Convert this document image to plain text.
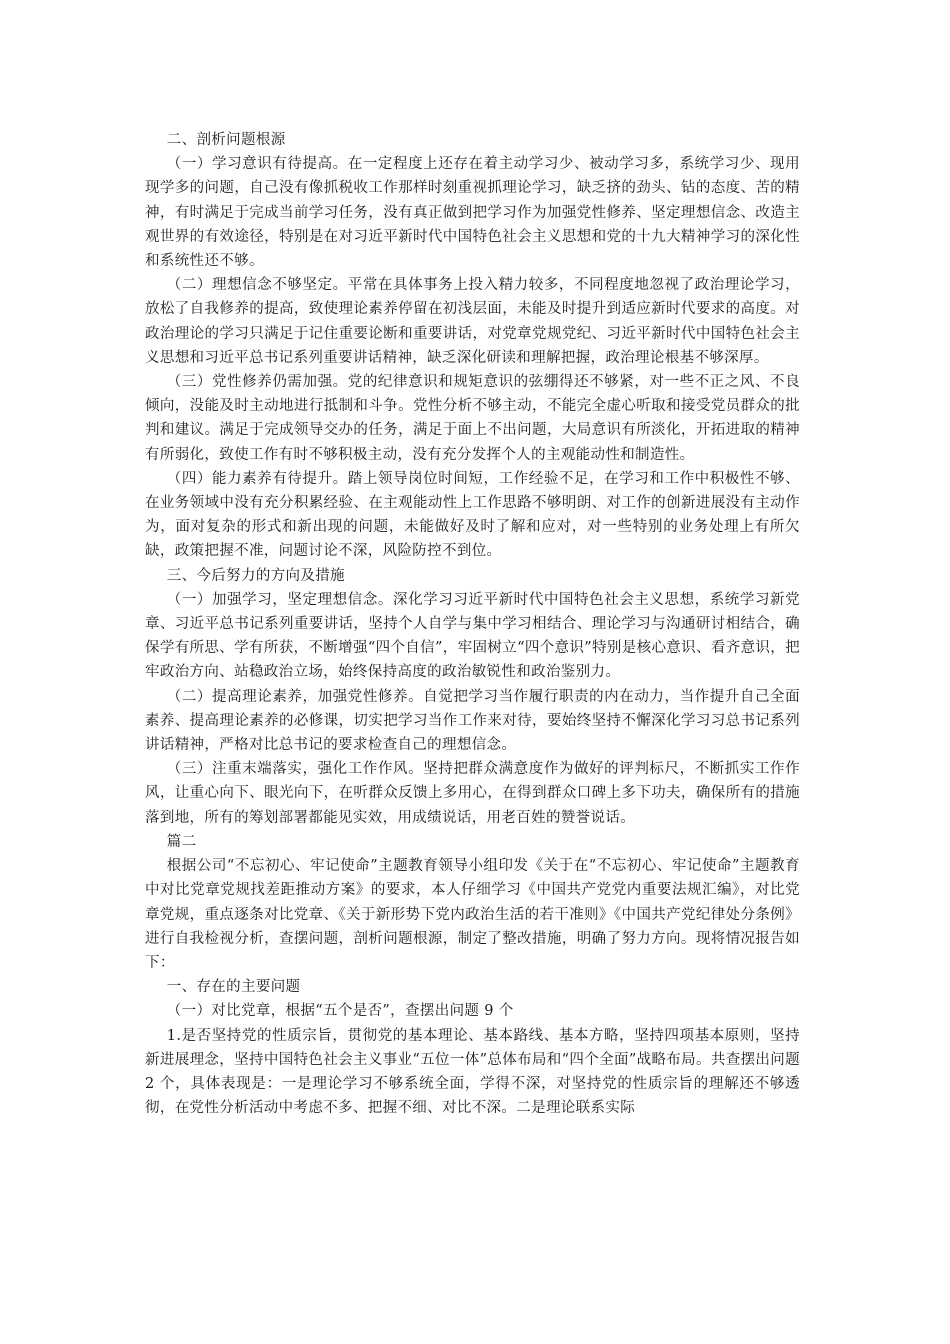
二、剖析问题根源

（一）学习意识有待提高。在一定程度上还存在着主动学习少、被动学习多，系统学习少、现用现学多的问题，自己没有像抓税收工作那样时刻重视抓理论学习，缺乏挤的劲头、钻的态度、苦的精神，有时满足于完成当前学习任务，没有真正做到把学习作为加强党性修养、坚定理想信念、改造主观世界的有效途径，特别是在对习近平新时代中国特色社会主义思想和党的十九大精神学习的深化性和系统性还不够。

（二）理想信念不够坚定。平常在具体事务上投入精力较多，不同程度地忽视了政治理论学习，放松了自我修养的提高，致使理论素养停留在初浅层面，未能及时提升到适应新时代要求的高度。对政治理论的学习只满足于记住重要论断和重要讲话，对党章党规党纪、习近平新时代中国特色社会主义思想和习近平总书记系列重要讲话精神，缺乏深化研读和理解把握，政治理论根基不够深厚。

（三）党性修养仍需加强。党的纪律意识和规矩意识的弦绷得还不够紧，对一些不正之风、不良倾向，没能及时主动地进行抵制和斗争。党性分析不够主动，不能完全虚心听取和接受党员群众的批判和建议。满足于完成领导交办的任务，满足于面上不出问题，大局意识有所淡化，开拓进取的精神有所弱化，致使工作有时不够积极主动，没有充分发挥个人的主观能动性和制造性。

（四）能力素养有待提升。踏上领导岗位时间短，工作经验不足，在学习和工作中积极性不够、在业务领域中没有充分积累经验、在主观能动性上工作思路不够明朗、对工作的创新进展没有主动作为，面对复杂的形式和新出现的问题，未能做好及时了解和应对，对一些特别的业务处理上有所欠缺，政策把握不准，问题讨论不深，风险防控不到位。

三、今后努力的方向及措施

（一）加强学习，坚定理想信念。深化学习习近平新时代中国特色社会主义思想，系统学习新党章、习近平总书记系列重要讲话，坚持个人自学与集中学习相结合、理论学习与沟通研讨相结合，确保学有所思、学有所获，不断增强“四个自信”，牢固树立“四个意识”特别是核心意识、看齐意识，把牢政治方向、站稳政治立场，始终保持高度的政治敏锐性和政治鉴别力。

（二）提高理论素养，加强党性修养。自觉把学习当作履行职责的内在动力，当作提升自己全面素养、提高理论素养的必修课，切实把学习当作工作来对待，要始终坚持不懈深化学习习总书记系列讲话精神，严格对比总书记的要求检查自己的理想信念。

（三）注重末端落实，强化工作作风。坚持把群众满意度作为做好的评判标尺，不断抓实工作作风，让重心向下、眼光向下，在听群众反馈上多用心，在得到群众口碑上多下功夫，确保所有的措施落到地，所有的筹划部署都能见实效，用成绩说话，用老百姓的赞誉说话。

篇二

根据公司“不忘初心、牢记使命”主题教育领导小组印发《关于在“不忘初心、牢记使命”主题教育中对比党章党规找差距推动方案》的要求，本人仔细学习《中国共产党党内重要法规汇编》，对比党章党规，重点逐条对比党章、《关于新形势下党内政治生活的若干准则》《中国共产党纪律处分条例》进行自我检视分析，查摆问题，剖析问题根源，制定了整改措施，明确了努力方向。现将情况报告如下：

一、存在的主要问题

（一）对比党章，根据“五个是否”，查摆出问题 9 个

1.是否坚持党的性质宗旨，贯彻党的基本理论、基本路线、基本方略，坚持四项基本原则，坚持新进展理念，坚持中国特色社会主义事业“五位一体”总体布局和“四个全面”战略布局。共查摆出问题 2 个，具体表现是：一是理论学习不够系统全面，学得不深，对坚持党的性质宗旨的理解还不够透彻，在党性分析活动中考虑不多、把握不细、对比不深。二是理论联系实际
